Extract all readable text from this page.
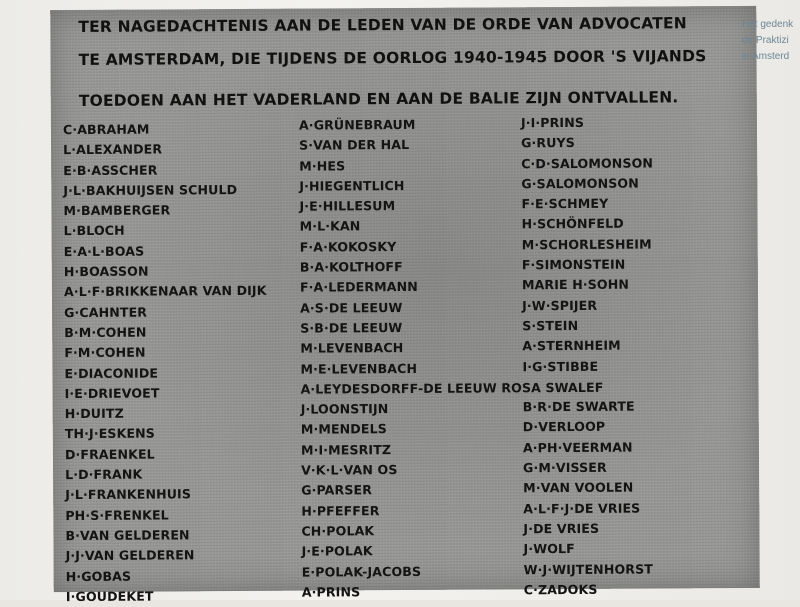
TER NAGEDACHTENIS AAN DE LEDEN VAN DE ORDE VAN ADVOCATEN
TE AMSTERDAM, DIE TIJDENS DE OORLOG 1940-1945 DOOR 'S VIJANDS
TOEDOEN AAN HET VADERLAND EN AAN DE BALIE ZIJN ONTVALLEN.
C·ABRAHAM
L·ALEXANDER
E·B·ASSCHER
J·L·BAKHUIJSEN SCHULD
M·BAMBERGER
L·BLOCH
E·A·L·BOAS
H·BOASSON
A·L·F·BRIKKENAAR VAN DIJK
G·CAHNTER
B·M·COHEN
F·M·COHEN
E·DIACONIDE
I·E·DRIEVOET
H·DUITZ
TH·J·ESKENS
D·FRAENKEL
L·D·FRANK
J·L·FRANKENHUIS
PH·S·FRENKEL
B·VAN GELDEREN
J·J·VAN GELDEREN
H·GOBAS
I·GOUDEKET
A·GRÜNEBRAUM
S·VAN DER HAL
M·HES
J·HIEGENTLICH
J·E·HILLESUM
M·L·KAN
F·A·KOKOSKY
B·A·KOLTHOFF
F·A·LEDERMANN
A·S·DE LEEUW
S·B·DE LEEUW
M·LEVENBACH
M·E·LEVENBACH
A·LEYDESDORFF-DE LEEUW ROSA SWALEF
J·LOONSTIJN
M·MENDELS
M·I·MESRITZ
V·K·L·VAN OS
G·PARSER
H·PFEFFER
CH·POLAK
J·E·POLAK
E·POLAK-JACOBS
A·PRINS
J·I·PRINS
G·RUYS
C·D·SALOMONSON
G·SALOMONSON
F·E·SCHMEY
H·SCHÖNFELD
M·SCHORLESHEIM
F·SIMONSTEIN
MARIE H·SOHN
J·W·SPIJER
S·STEIN
A·STERNHEIM
I·G·STIBBE
B·R·DE SWARTE
D·VERLOOP
A·PH·VEERMAN
G·M·VISSER
M·VAN VOOLEN
A·L·F·J·DE VRIES
J·DE VRIES
J·WOLF
W·J·WIJTENHORST
C·ZADOKS
Het gedenk
de Praktizi
in Amsterd
